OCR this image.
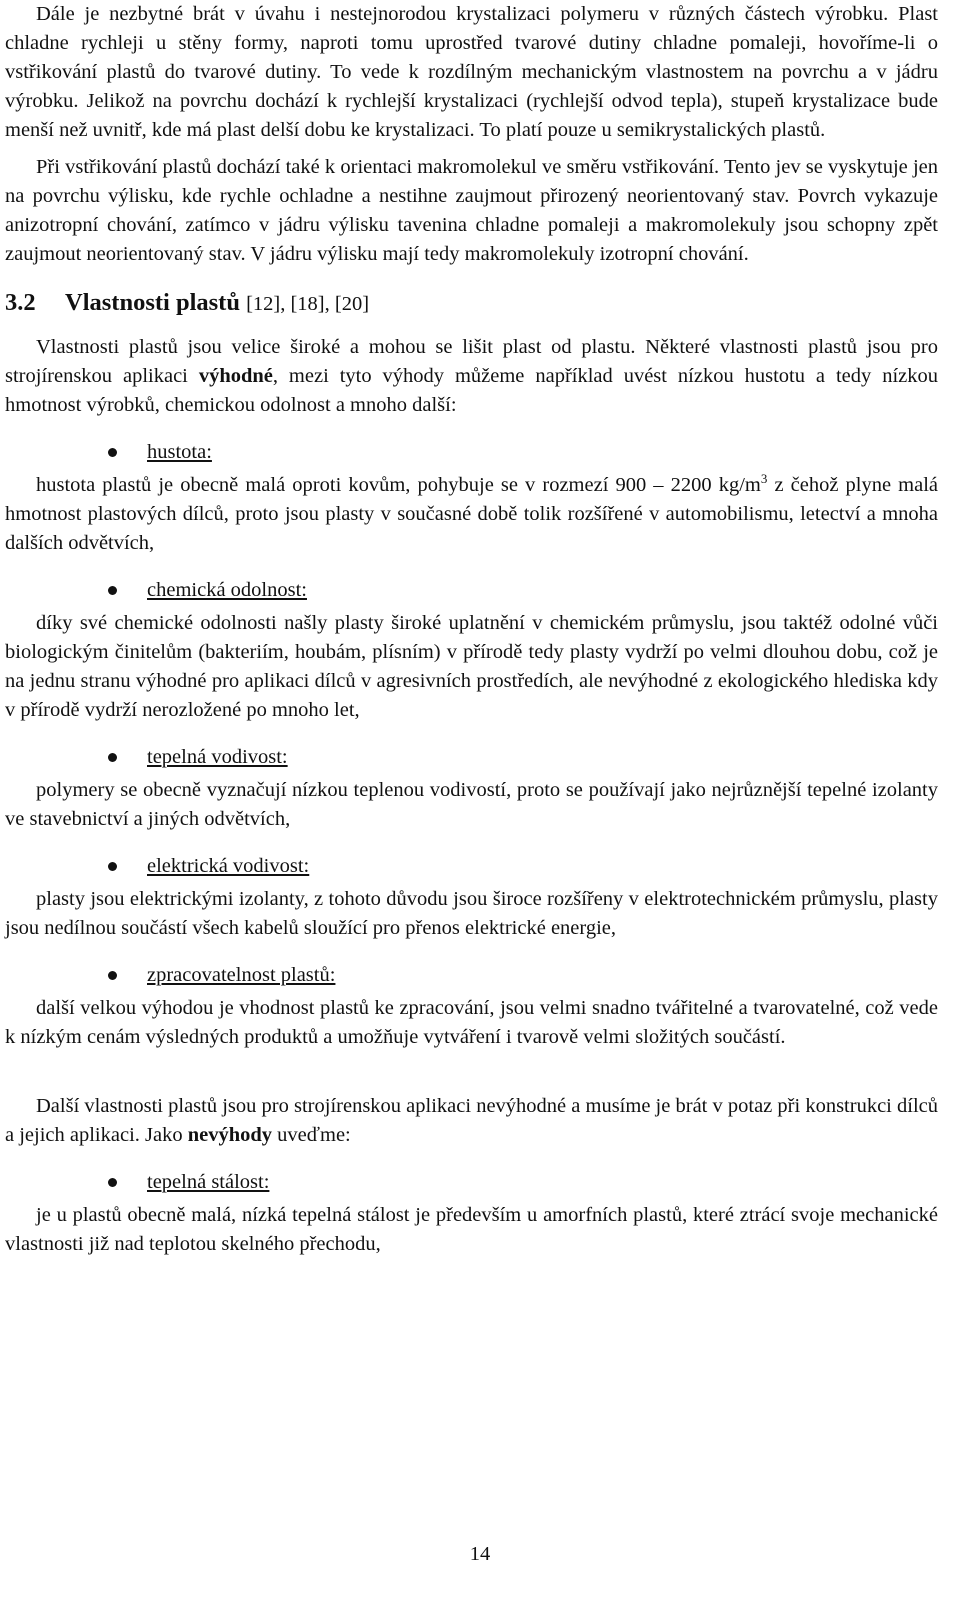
Dále je nezbytné brát v úvahu i nestejnorodou krystalizaci polymeru v různých částech výrobku. Plast chladne rychleji u stěny formy, naproti tomu uprostřed tvarové dutiny chladne pomaleji, hovoříme-li o vstřikování plastů do tvarové dutiny. To vede k rozdílným mechanickým vlastnostem na povrchu a v jádru výrobku. Jelikož na povrchu dochází k rychlejší krystalizaci (rychlejší odvod tepla), stupeň krystalizace bude menší než uvnitř, kde má plast delší dobu ke krystalizaci. To platí pouze u semikrystalických plastů.

Při vstřikování plastů dochází také k orientaci makromolekul ve směru vstřikování. Tento jev se vyskytuje jen na povrchu výlisku, kde rychle ochladne a nestihne zaujmout přirozený neorientovaný stav. Povrch vykazuje anizotropní chování, zatímco v jádru výlisku tavenina chladne pomaleji a makromolekuly jsou schopny zpět zaujmout neorientovaný stav. V jádru výlisku mají tedy makromolekuly izotropní chování.

3.2 Vlastnosti plastů [12], [18], [20]

Vlastnosti plastů jsou velice široké a mohou se lišit plast od plastu. Některé vlastnosti plastů jsou pro strojírenskou aplikaci výhodné, mezi tyto výhody můžeme například uvést nízkou hustotu a tedy nízkou hmotnost výrobků, chemickou odolnost a mnoho další:

hustota:

hustota plastů je obecně malá oproti kovům, pohybuje se v rozmezí 900 – 2200 $kg/m^3$ z čehož plyne malá hmotnost plastových dílců, proto jsou plasty v současné době tolik rozšířené v automobilismu, letectví a mnoha dalších odvětvích,

chemická odolnost:

díky své chemické odolnosti našly plasty široké uplatnění v chemickém průmyslu, jsou taktéž odolné vůči biologickým činitelům (bakteriím, houbám, plísním) v přírodě tedy plasty vydrží po velmi dlouhou dobu, což je na jednu stranu výhodné pro aplikaci dílců v agresivních prostředích, ale nevýhodné z ekologického hlediska kdy v přírodě vydrží nerozložené po mnoho let,

tepelná vodivost:

polymery se obecně vyznačují nízkou teplenou vodivostí, proto se používají jako nejrůznější tepelné izolanty ve stavebnictví a jiných odvětvích,

elektrická vodivost:

plasty jsou elektrickými izolanty, z tohoto důvodu jsou široce rozšířeny v elektrotechnickém průmyslu, plasty jsou nedílnou součástí všech kabelů sloužící pro přenos elektrické energie,

zpracovatelnost plastů:

další velkou výhodou je vhodnost plastů ke zpracování, jsou velmi snadno tvářitelné a tvarovatelné, což vede k nízkým cenám výsledných produktů a umožňuje vytváření i tvarově velmi složitých součástí.

Další vlastnosti plastů jsou pro strojírenskou aplikaci nevýhodné a musíme je brát v potaz při konstrukci dílců a jejich aplikaci. Jako nevýhody uveďme:

tepelná stálost:

je u plastů obecně malá, nízká tepelná stálost je především u amorfních plastů, které ztrácí svoje mechanické vlastnosti již nad teplotou skelného přechodu,

14
